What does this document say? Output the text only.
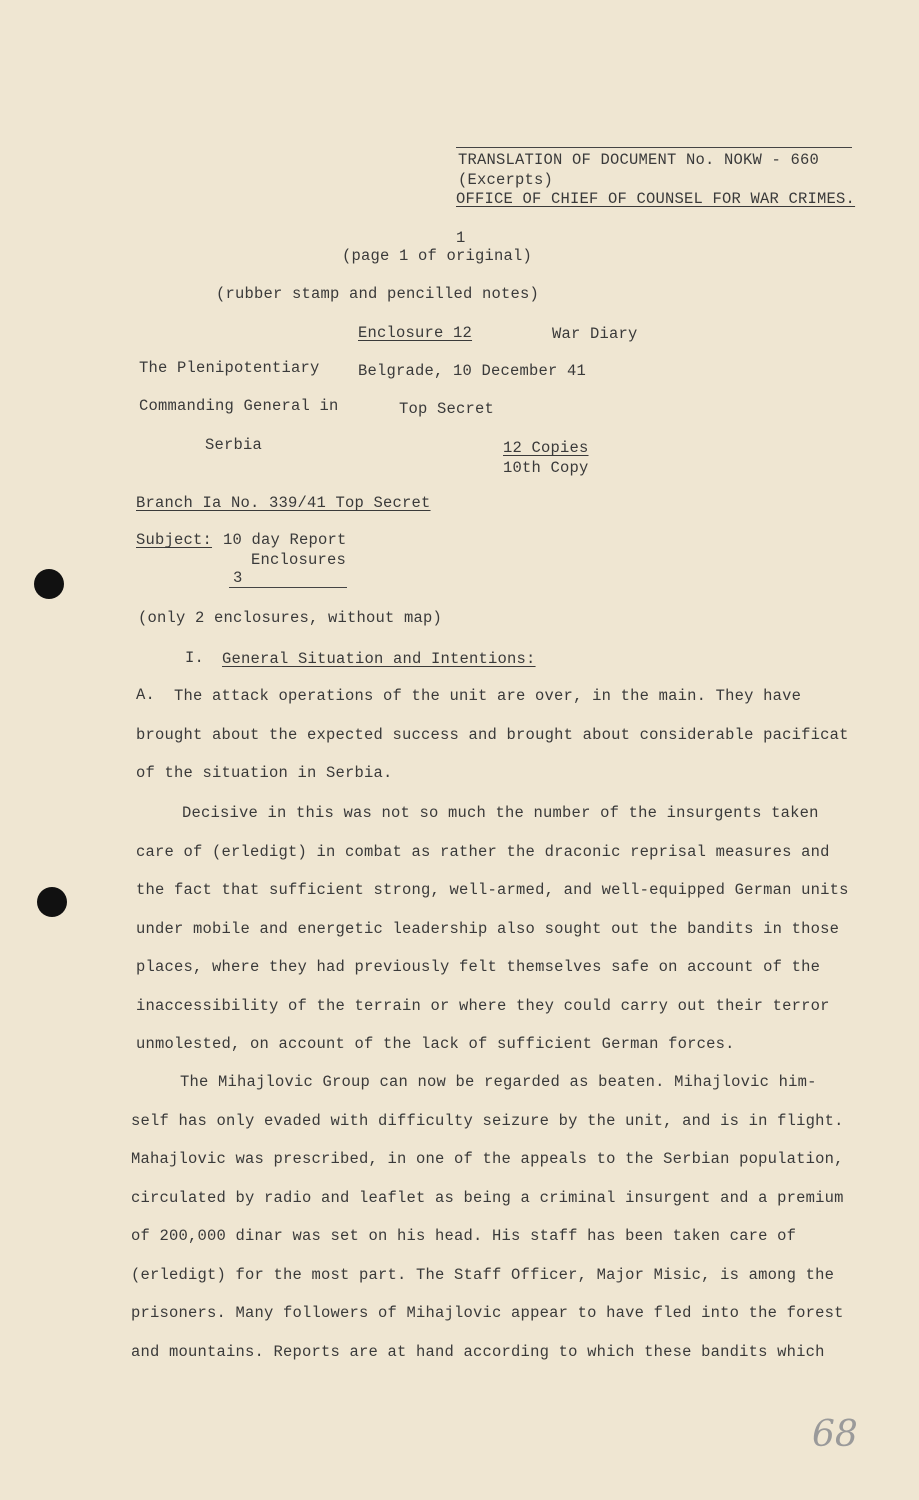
TRANSLATION OF DOCUMENT No. NOKW - 660
(Excerpts)
OFFICE OF CHIEF OF COUNSEL FOR WAR CRIMES.
1
(page 1 of original)
(rubber stamp and pencilled notes)
Enclosure 12	War Diary
The Plenipotentiary Belgrade, 10 December 41
Commanding General in	Top Secret
Serbia	12 Copies
10th Copy
Branch Ia No. 339/41 Top Secret
Subject: 10 day Report
Enclosures
3
(only 2 enclosures, without map)
I. General Situation and Intentions:
A.	The attack operations of the unit are over, in the main. They have
brought about the expected success and brought about considerable pacificat
of the situation in Serbia.
Decisive in this was not so much the number of the insurgents taken
care of (erledigt) in combat as rather the draconic reprisal measures and
the fact that sufficient strong, well-armed, and well-equipped German units
under mobile and energetic leadership also sought out the bandits in those
places, where they had previously felt themselves safe on account of the
inaccessibility of the terrain or where they could carry out their terror
unmolested, on account of the lack of sufficient German forces.
The Mihajlovic Group can now be regarded as beaten. Mihajlovic him-
self has only evaded with difficulty seizure by the unit, and is in flight.
Mahajlovic was prescribed, in one of the appeals to the Serbian population,
circulated by radio and leaflet as being a criminal insurgent and a premium
of 200,000 dinar was set on his head. His staff has been taken care of
(erledigt) for the most part. The Staff Officer, Major Misic, is among the
prisoners. Many followers of Mihajlovic appear to have fled into the forest
and mountains. Reports are at hand according to which these bandits which
68
